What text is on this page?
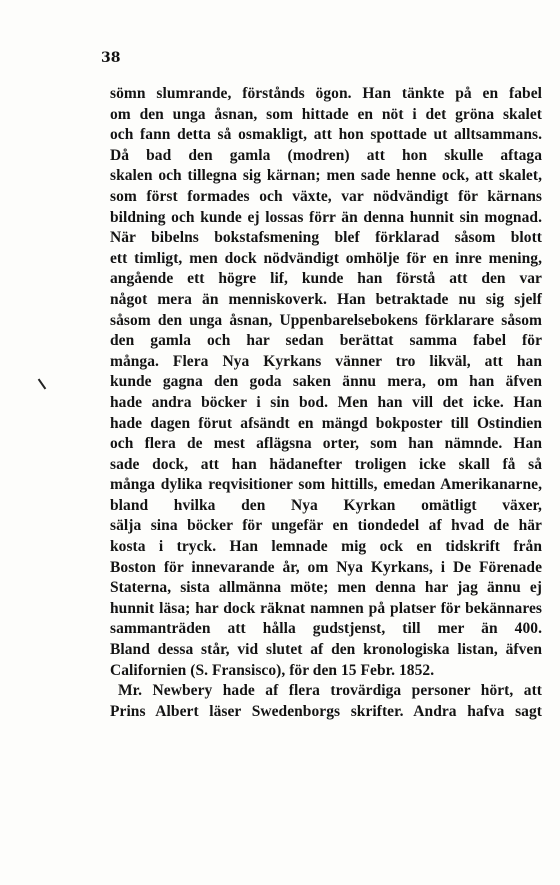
38
sömn slumrande, förstånds ögon. Han tänkte på en fabel
om den unga åsnan, som hittade en nöt i det gröna skalet
och fann detta så osmakligt, att hon spottade ut alltsammans.
Då bad den gamla (modren) att hon skulle aftaga
skalen och tillegna sig kärnan; men sade henne ock, att skalet,
som först formades och växte, var nödvändigt för kärnans
bildning och kunde ej lossas förr än denna hunnit sin mognad.
När bibelns bokstafsmening blef förklarad såsom blott
ett timligt, men dock nödvändigt omhölje för en inre mening,
angående ett högre lif, kunde han förstå att den var
något mera än menniskoverk. Han betraktade nu sig sjelf
såsom den unga åsnan, Uppenbarelsebokens förklarare såsom
den gamla och har sedan berättat samma fabel för
många. Flera Nya Kyrkans vänner tro likväl, att han
kunde gagna den goda saken ännu mera, om han äfven
hade andra böcker i sin bod. Men han vill det icke. Han
hade dagen förut afsändt en mängd bokposter till Ostindien
och flera de mest aflägsna orter, som han nämnde. Han
sade dock, att han hädanefter troligen icke skall få så
många dylika reqvisitioner som hittills, emedan Amerikanarne,
bland hvilka den Nya Kyrkan omätligt växer,
sälja sina böcker för ungefär en tiondedel af hvad de här
kosta i tryck. Han lemnade mig ock en tidskrift från
Boston för innevarande år, om Nya Kyrkans, i De Förenade
Staterna, sista allmänna möte; men denna har jag ännu ej
hunnit läsa; har dock räknat namnen på platser för bekännares
sammanträden att hålla gudstjenst, till mer än 400.
Bland dessa står, vid slutet af den kronologiska listan, äfven
Californien (S. Fransisco), för den 15 Febr. 1852.
Mr. Newbery hade af flera trovärdiga personer hört, att
Prins Albert läser Swedenborgs skrifter. Andra hafva sagt
